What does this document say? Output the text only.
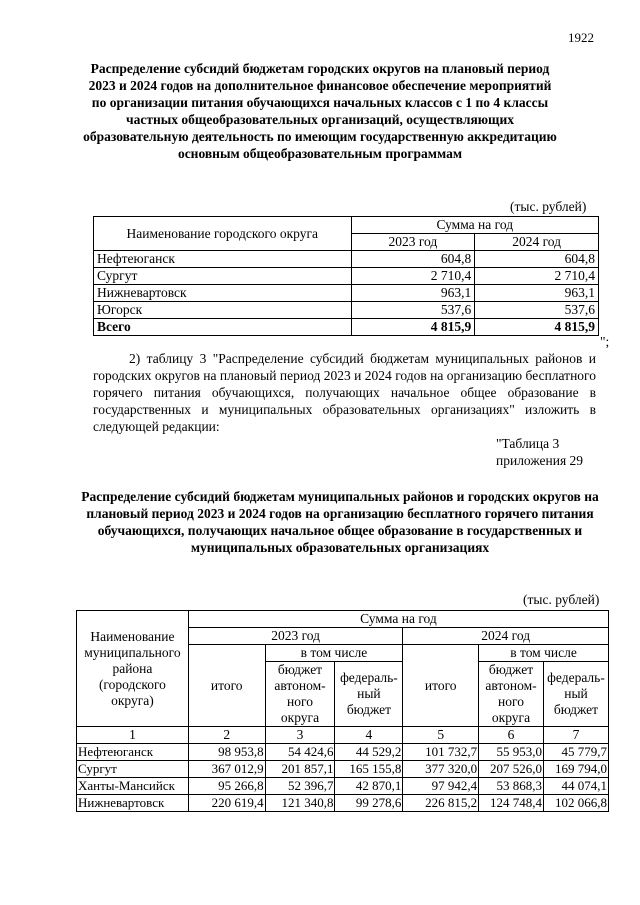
1922
Распределение субсидий бюджетам городских округов на плановый период 2023 и 2024 годов на дополнительное финансовое обеспечение мероприятий по организации питания обучающихся начальных классов с 1 по 4 классы частных общеобразовательных организаций, осуществляющих образовательную деятельность по имеющим государственную аккредитацию основным общеобразовательным программам
(тыс. рублей)
Наименование городского округа	Сумма на год	
	2023 год	2024 год
Нефтеюганск	604,8	604,8
Сургут	2 710,4	2 710,4
Нижневартовск	963,1	963,1
Югорск	537,6	537,6
Всего	4 815,9	4 815,9
";
2) таблицу 3 "Распределение субсидий бюджетам муниципальных районов и городских округов на плановый период 2023 и 2024 годов на организацию бесплатного горячего питания обучающихся, получающих начальное общее образование в государственных и муниципальных образовательных организациях" изложить в следующей редакции:
"Таблица 3
приложения 29
Распределение субсидий бюджетам муниципальных районов и городских округов на плановый период 2023 и 2024 годов на организацию бесплатного горячего питания обучающихся, получающих начальное общее образование в государственных и муниципальных образовательных организациях
(тыс. рублей)
Наименование муниципального района (городского округа)	Сумма на год					
	2023 год			2024 год		
	итого	в том числе		итого	в том числе	
		бюджет автоном-ного округа	федераль-ный бюджет		бюджет автоном-ного округа	федераль-ный бюджет
1	2	3	4	5	6	7
Нефтеюганск	98 953,8	54 424,6	44 529,2	101 732,7	55 953,0	45 779,7
Сургут	367 012,9	201 857,1	165 155,8	377 320,0	207 526,0	169 794,0
Ханты-Мансийск	95 266,8	52 396,7	42 870,1	97 942,4	53 868,3	44 074,1
Нижневартовск	220 619,4	121 340,8	99 278,6	226 815,2	124 748,4	102 066,8
